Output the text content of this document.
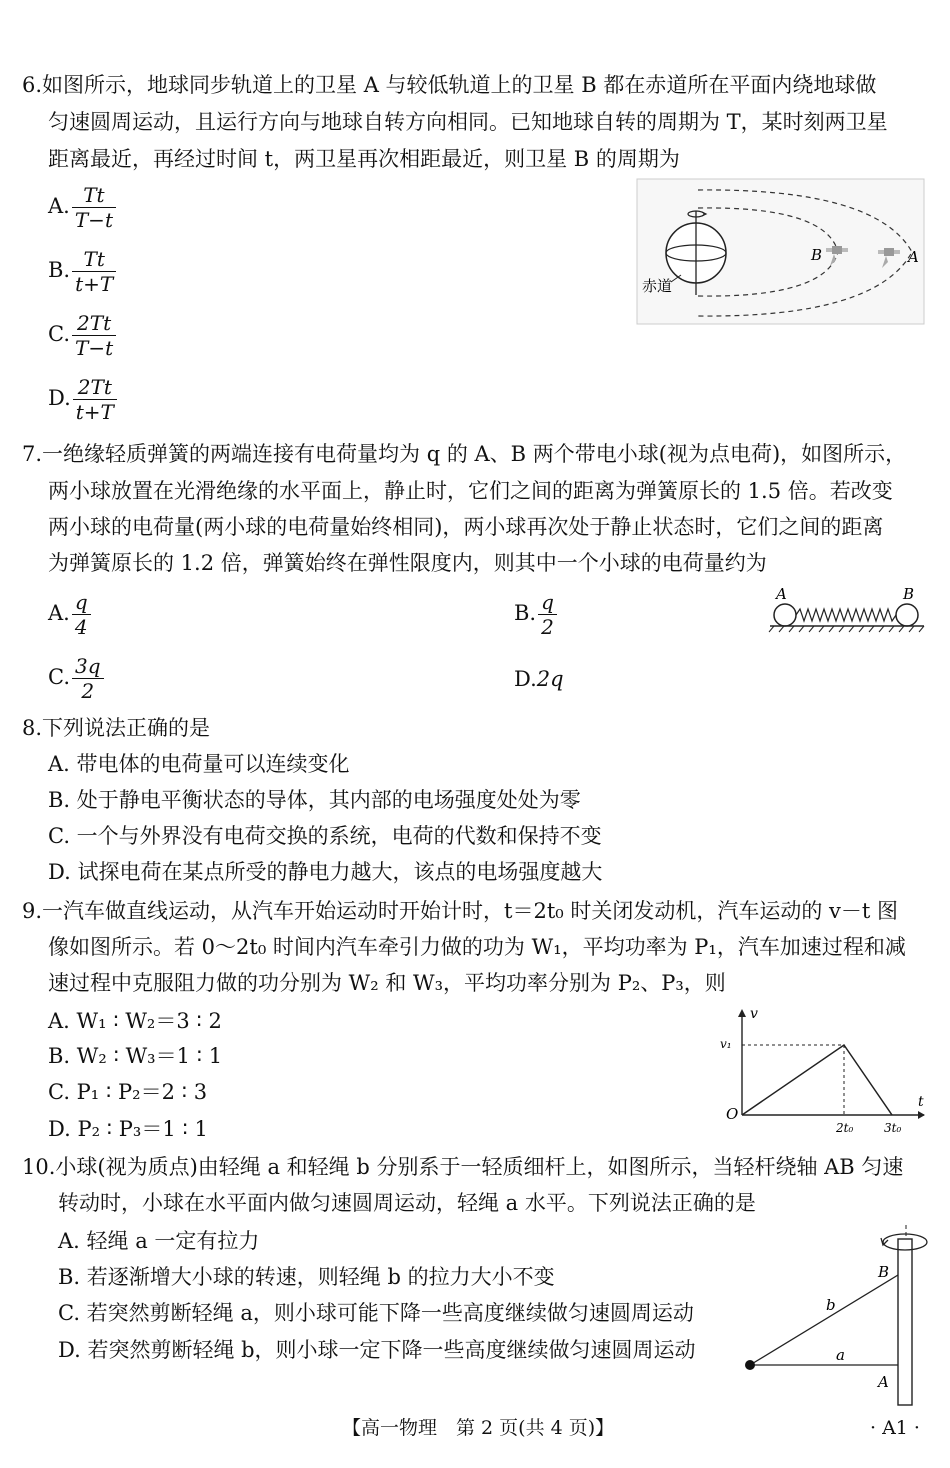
6.如图所示，地球同步轨道上的卫星 A 与较低轨道上的卫星 B 都在赤道所在平面内绕地球做
匀速圆周运动，且运行方向与地球自转方向相同。已知地球自转的周期为 T，某时刻两卫星
距离最近，再经过时间 t，两卫星再次相距最近，则卫星 B 的周期为
A. $\frac{Tt}{T-t}$
B. $\frac{Tt}{t+T}$
C. $\frac{2Tt}{T-t}$
D. $\frac{2Tt}{t+T}$
赤道
B	A
7.一绝缘轻质弹簧的两端连接有电荷量均为 q 的 A、B 两个带电小球(视为点电荷)，如图所示，
两小球放置在光滑绝缘的水平面上，静止时，它们之间的距离为弹簧原长的 1.5 倍。若改变
两小球的电荷量(两小球的电荷量始终相同)，两小球再次处于静止状态时，它们之间的距离
为弹簧原长的 1.2 倍，弹簧始终在弹性限度内，则其中一个小球的电荷量约为
A. $\frac{q}{4}$	B. $\frac{q}{2}$
C. $\frac{3q}{2}$	D.2q
A	B
8.下列说法正确的是
A. 带电体的电荷量可以连续变化
B. 处于静电平衡状态的导体，其内部的电场强度处处为零
C. 一个与外界没有电荷交换的系统，电荷的代数和保持不变
D. 试探电荷在某点所受的静电力越大，该点的电场强度越大
9.一汽车做直线运动，从汽车开始运动时开始计时，t＝2t₀ 时关闭发动机，汽车运动的 v－t 图
像如图所示。若 0～2t₀ 时间内汽车牵引力做的功为 W₁，平均功率为 P₁，汽车加速过程和减
速过程中克服阻力做的功分别为 W₂ 和 W₃，平均功率分别为 P₂、P₃，则
A. W₁ ∶ W₂＝3 ∶ 2
B. W₂ ∶ W₃＝1 ∶ 1
C. P₁ ∶ P₂＝2 ∶ 3
D. P₂ ∶ P₃＝1 ∶ 1
v
t
O
v₁
2t₀	3t₀
10.小球(视为质点)由轻绳 a 和轻绳 b 分别系于一轻质细杆上，如图所示，当轻杆绕轴 AB 匀速
转动时，小球在水平面内做匀速圆周运动，轻绳 a 水平。下列说法正确的是
A. 轻绳 a 一定有拉力
B. 若逐渐增大小球的转速，则轻绳 b 的拉力大小不变
C. 若突然剪断轻绳 a，则小球可能下降一些高度继续做匀速圆周运动
D. 若突然剪断轻绳 b，则小球一定下降一些高度继续做匀速圆周运动
B
A
b
a
【高一物理　第 2 页(共 4 页)】	· A1 ·
